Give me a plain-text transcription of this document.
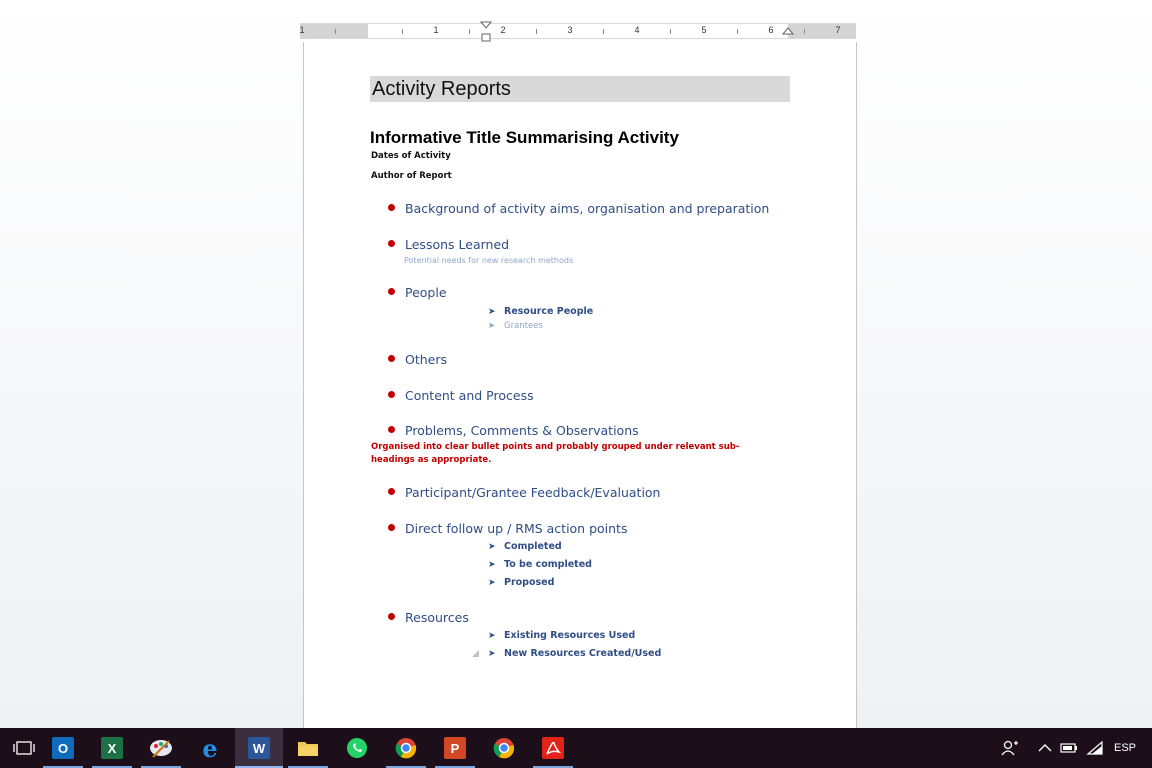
1	1	2	3	4	5	6	7
Activity Reports
Informative Title Summarising Activity
Dates of Activity
Author of Report
Background of activity aims, organisation and preparation
Lessons Learned
Potential needs for new research methods
People
➤ Resource People
➤ Grantees
Others
Content and Process
Problems, Comments & Observations
Organised into clear bullet points and probably grouped under relevant sub-headings as appropriate.
Participant/Grantee Feedback/Evaluation
Direct follow up / RMS action points
➤ Completed
➤ To be completed
➤ Proposed
Resources
➤ Existing Resources Used
➤ New Resources Created/Used
O	X	e	W	P	ESP
